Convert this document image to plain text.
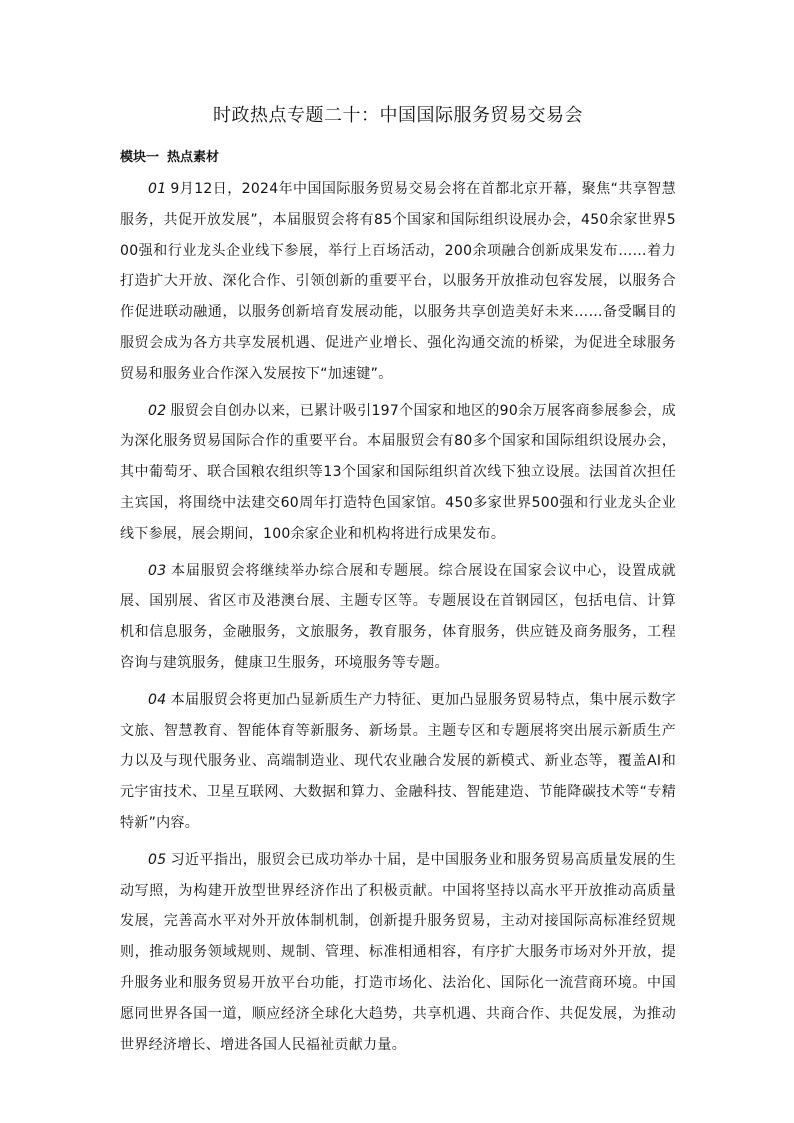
时政热点专题二十：中国国际服务贸易交易会
模块一 热点素材

01 9月12日，2024年中国国际服务贸易交易会将在首都北京开幕，聚焦“共享智慧服务，共促开放发展”，本届服贸会将有85个国家和国际组织设展办会，450余家世界500强和行业龙头企业线下参展，举行上百场活动，200余项融合创新成果发布……着力打造扩大开放、深化合作、引领创新的重要平台，以服务开放推动包容发展，以服务合作促进联动融通，以服务创新培育发展动能，以服务共享创造美好未来……备受瞩目的服贸会成为各方共享发展机遇、促进产业增长、强化沟通交流的桥梁，为促进全球服务贸易和服务业合作深入发展按下“加速键”。

02 服贸会自创办以来，已累计吸引197个国家和地区的90余万展客商参展参会，成为深化服务贸易国际合作的重要平台。本届服贸会有80多个国家和国际组织设展办会，其中葡萄牙、联合国粮农组织等13个国家和国际组织首次线下独立设展。法国首次担任主宾国，将围绕中法建交60周年打造特色国家馆。450多家世界500强和行业龙头企业线下参展，展会期间，100余家企业和机构将进行成果发布。

03 本届服贸会将继续举办综合展和专题展。综合展设在国家会议中心，设置成就展、国别展、省区市及港澳台展、主题专区等。专题展设在首钢园区，包括电信、计算机和信息服务，金融服务，文旅服务，教育服务，体育服务，供应链及商务服务，工程咨询与建筑服务，健康卫生服务，环境服务等专题。

04 本届服贸会将更加凸显新质生产力特征、更加凸显服务贸易特点，集中展示数字文旅、智慧教育、智能体育等新服务、新场景。主题专区和专题展将突出展示新质生产力以及与现代服务业、高端制造业、现代农业融合发展的新模式、新业态等，覆盖AI和元宇宙技术、卫星互联网、大数据和算力、金融科技、智能建造、节能降碳技术等“专精特新”内容。

05 习近平指出，服贸会已成功举办十届，是中国服务业和服务贸易高质量发展的生动写照，为构建开放型世界经济作出了积极贡献。中国将坚持以高水平开放推动高质量发展，完善高水平对外开放体制机制，创新提升服务贸易，主动对接国际高标准经贸规则，推动服务领域规则、规制、管理、标准相通相容，有序扩大服务市场对外开放，提升服务业和服务贸易开放平台功能，打造市场化、法治化、国际化一流营商环境。中国愿同世界各国一道，顺应经济全球化大趋势，共享机遇、共商合作、共促发展，为推动世界经济增长、增进各国人民福祉贡献力量。
